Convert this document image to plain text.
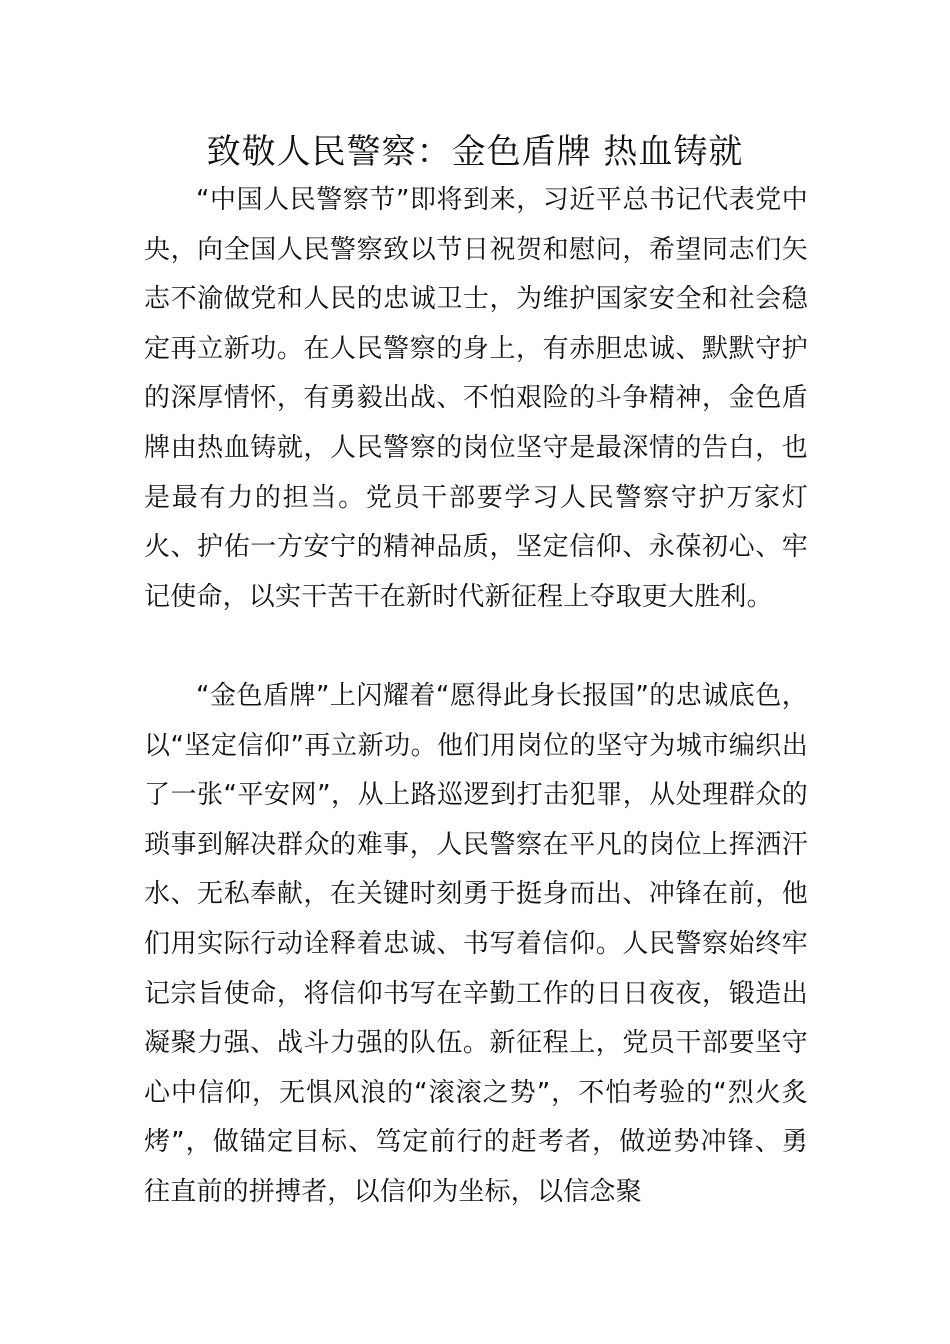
致敬人民警察：金色盾牌 热血铸就

“中国人民警察节”即将到来，习近平总书记代表党中央，向全国人民警察致以节日祝贺和慰问，希望同志们矢志不渝做党和人民的忠诚卫士，为维护国家安全和社会稳定再立新功。在人民警察的身上，有赤胆忠诚、默默守护的深厚情怀，有勇毅出战、不怕艰险的斗争精神，金色盾牌由热血铸就，人民警察的岗位坚守是最深情的告白，也是最有力的担当。党员干部要学习人民警察守护万家灯火、护佑一方安宁的精神品质，坚定信仰、永葆初心、牢记使命，以实干苦干在新时代新征程上夺取更大胜利。

“金色盾牌”上闪耀着“愿得此身长报国”的忠诚底色，以“坚定信仰”再立新功。他们用岗位的坚守为城市编织出了一张“平安网”，从上路巡逻到打击犯罪，从处理群众的琐事到解决群众的难事，人民警察在平凡的岗位上挥洒汗水、无私奉献，在关键时刻勇于挺身而出、冲锋在前，他们用实际行动诠释着忠诚、书写着信仰。人民警察始终牢记宗旨使命，将信仰书写在辛勤工作的日日夜夜，锻造出凝聚力强、战斗力强的队伍。新征程上，党员干部要坚守心中信仰，无惧风浪的“滚滚之势”，不怕考验的“烈火炙烤”，做锚定目标、笃定前行的赶考者，做逆势冲锋、勇往直前的拼搏者，以信仰为坐标，以信念聚
